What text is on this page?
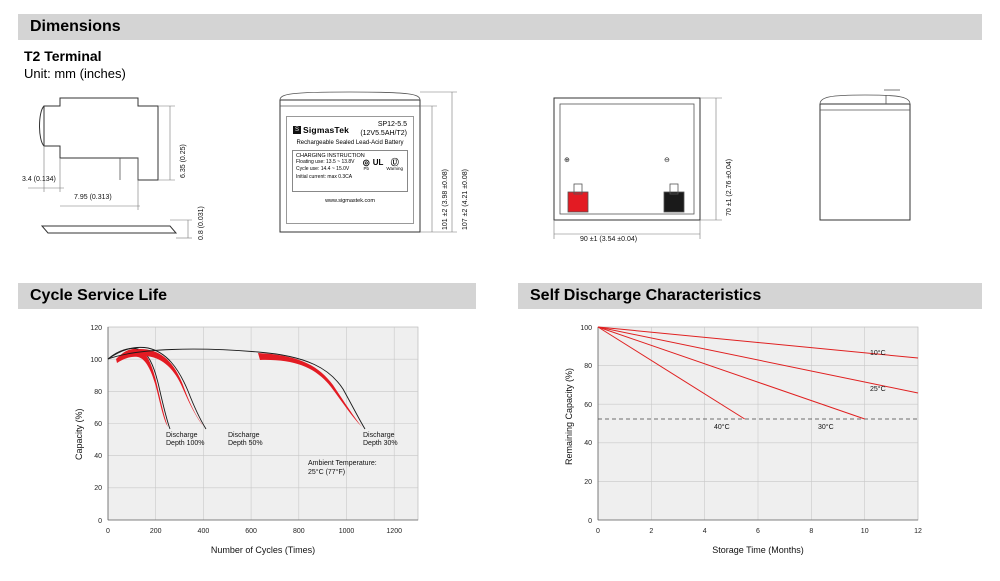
Dimensions
T2 Terminal
Unit: mm (inches)
6.35 (0.25)
0.8 (0.031)
3.4 (0.134)
7.95 (0.313)
S SigmasTek
SP12-5.5
(12V5.5AH/T2)
Rechargeable Sealed Lead-Acid Battery
CHARGING INSTRUCTION
Floating use: 13.5 ~ 13.8V
Cycle use: 14.4 ~ 15.0V
Initial current: max 0.3CA
◎
Pb
UL Ⓤ
Warning
www.sigmastek.com	101 ±2 (3.98 ±0.08) 107 ±2 (4.21 ±0.08)
⊕	⊖	70 ±1 (2.76 ±0.04)
90 ±1 (3.54 ±0.04)
Cycle Service Life
120
100
80
60
40
20
0
0	200	400	600	800	1000	1200
Number of Cycles (Times)
Capacity (%)	Discharge
Depth 100%
Discharge
Depth 50%
Discharge
Depth 30%
Ambient Temperature:
25°C (77°F)
Self Discharge Characteristics
100
80
60
40
20
0
0	2	4	6	8	10	12
Storage Time (Months)
Remaining Capacity (%)
10°C
25°C
30°C
40°C
